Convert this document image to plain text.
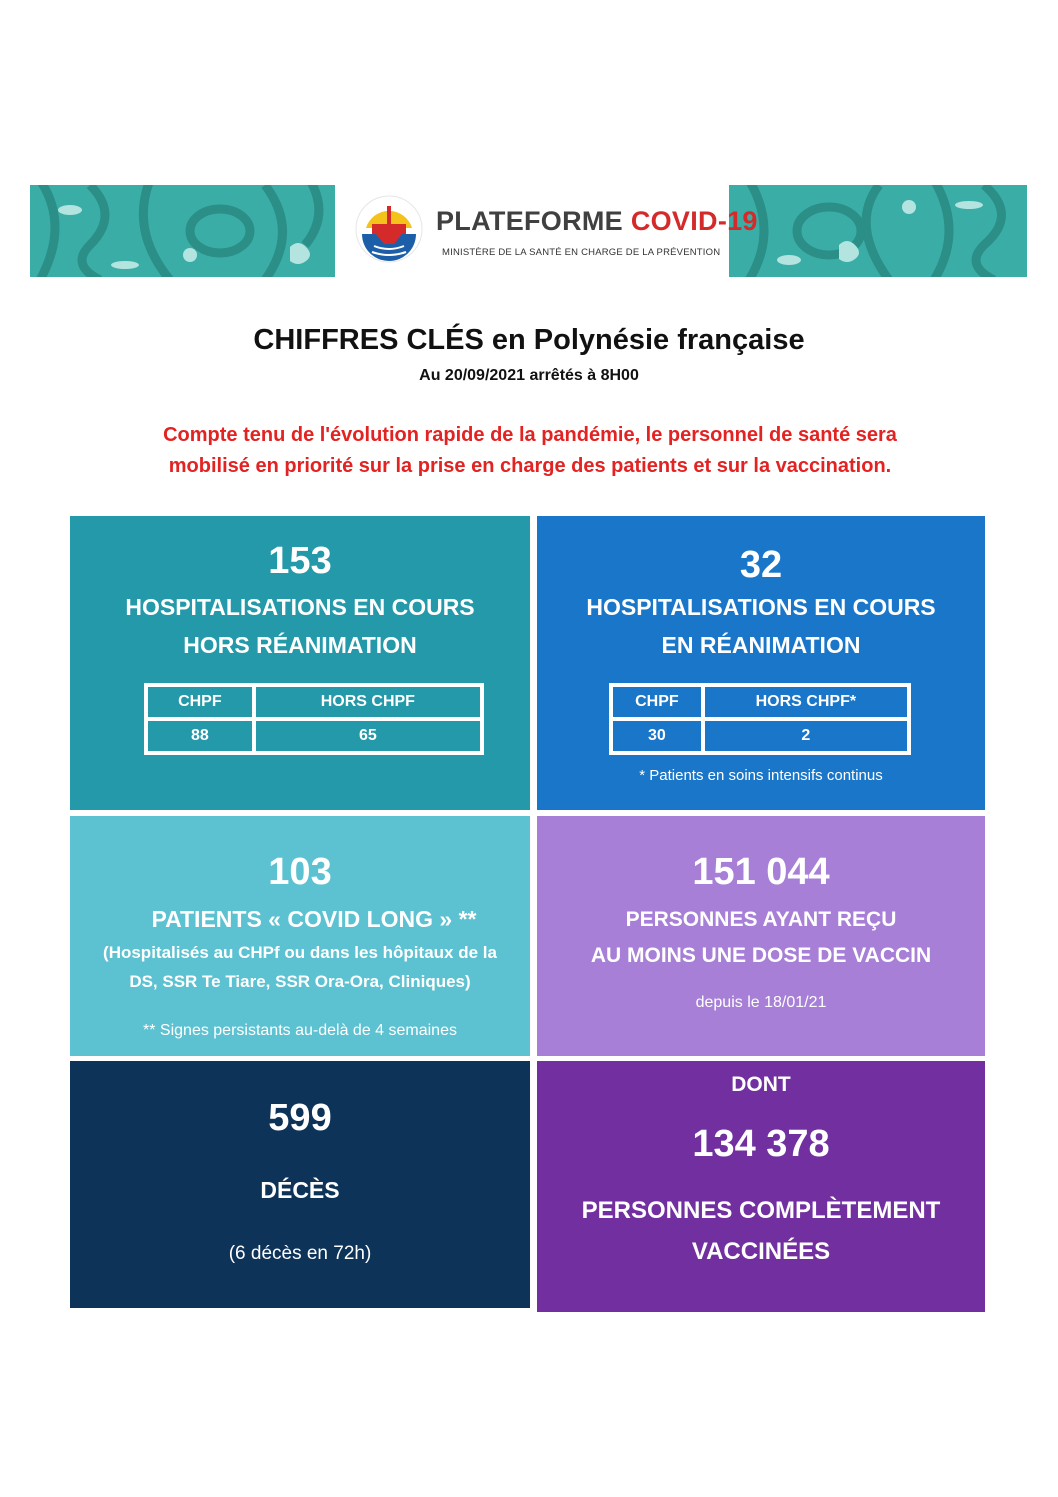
PLATEFORME COVID-19
MINISTÈRE DE LA SANTÉ EN CHARGE DE LA PRÉVENTION
CHIFFRES CLÉS en Polynésie française
Au 20/09/2021 arrêtés à 8H00
Compte tenu de l'évolution rapide de la pandémie, le personnel de santé sera
mobilisé en priorité sur la prise en charge des patients et sur la vaccination.
153
HOSPITALISATIONS EN COURS
HORS RÉANIMATION
CHPF	HORS CHPF
88	65
32
HOSPITALISATIONS EN COURS
EN RÉANIMATION
CHPF	HORS CHPF*
30	2
* Patients en soins intensifs continus
103
PATIENTS « COVID LONG » **
(Hospitalisés au CHPf ou dans les hôpitaux de la
DS, SSR Te Tiare, SSR Ora-Ora, Cliniques)
** Signes persistants au-delà de 4 semaines
151 044
PERSONNES AYANT REÇU
AU MOINS UNE DOSE DE VACCIN
depuis le 18/01/21
599
DÉCÈS
(6 décès en 72h)
DONT
134 378
PERSONNES COMPLÈTEMENT
VACCINÉES
